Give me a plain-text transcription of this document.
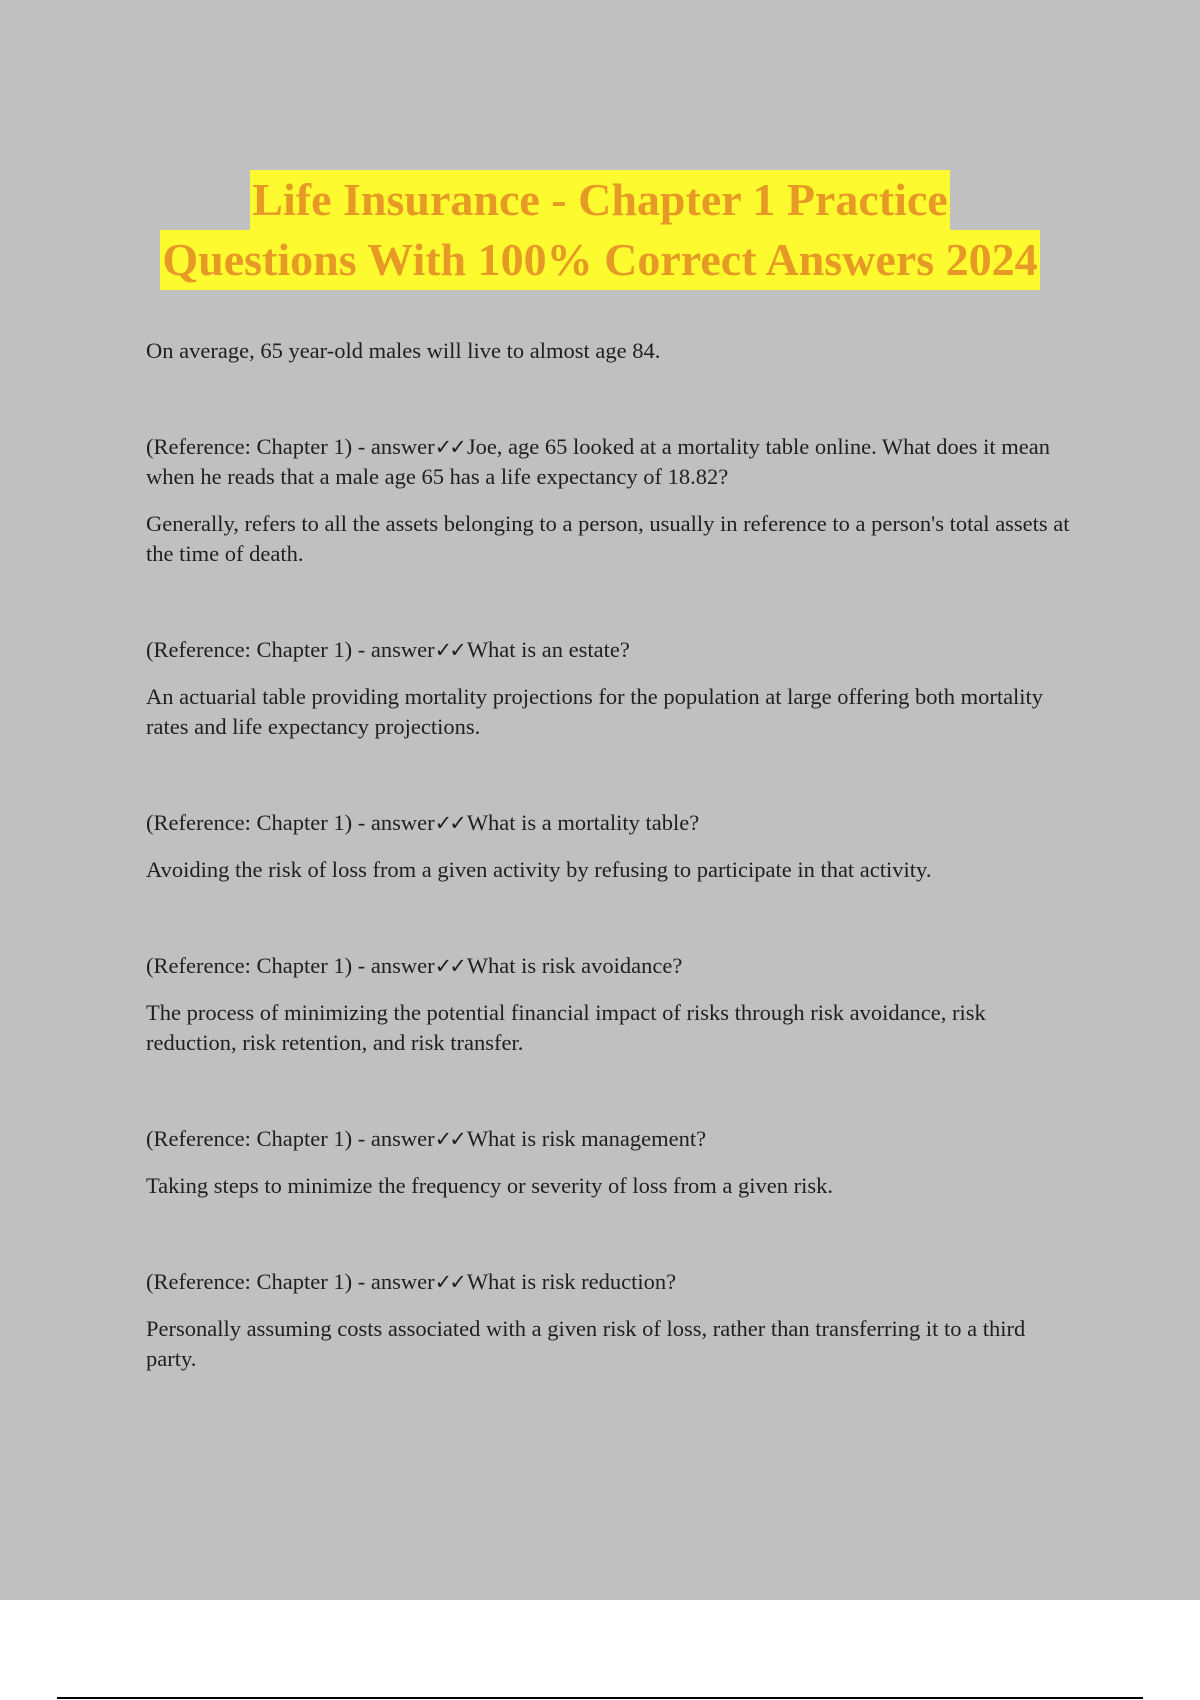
Life Insurance - Chapter 1 Practice
Questions With 100% Correct Answers 2024

On average, 65 year-old males will live to almost age 84.

(Reference: Chapter 1) - answer✓✓ Joe, age 65 looked at a mortality table online. What does it mean when he reads that a male age 65 has a life expectancy of 18.82?

Generally, refers to all the assets belonging to a person, usually in reference to a person's total assets at the time of death.

(Reference: Chapter 1) - answer✓✓ What is an estate?

An actuarial table providing mortality projections for the population at large offering both mortality rates and life expectancy projections.

(Reference: Chapter 1) - answer✓✓ What is a mortality table?

Avoiding the risk of loss from a given activity by refusing to participate in that activity.

(Reference: Chapter 1) - answer✓✓ What is risk avoidance?

The process of minimizing the potential financial impact of risks through risk avoidance, risk reduction, risk retention, and risk transfer.

(Reference: Chapter 1) - answer✓✓ What is risk management?

Taking steps to minimize the frequency or severity of loss from a given risk.

(Reference: Chapter 1) - answer✓✓ What is risk reduction?

Personally assuming costs associated with a given risk of loss, rather than transferring it to a third party.
